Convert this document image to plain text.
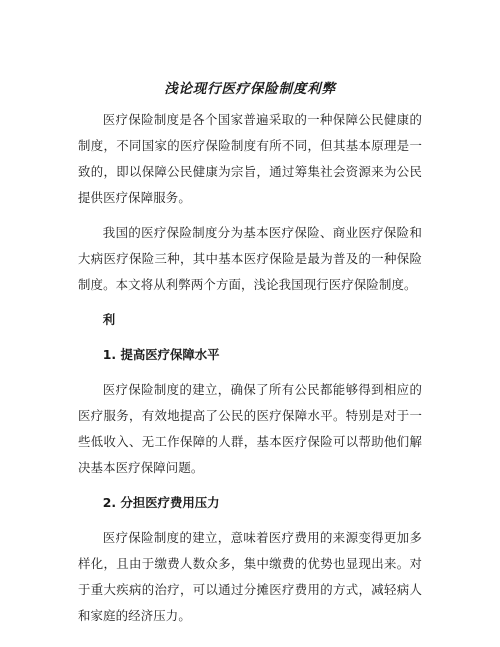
浅论现行医疗保险制度利弊

医疗保险制度是各个国家普遍采取的一种保障公民健康的制度，不同国家的医疗保险制度有所不同，但其基本原理是一致的，即以保障公民健康为宗旨，通过筹集社会资源来为公民提供医疗保障服务。

我国的医疗保险制度分为基本医疗保险、商业医疗保险和大病医疗保险三种，其中基本医疗保险是最为普及的一种保险制度。本文将从利弊两个方面，浅论我国现行医疗保险制度。

利
1. 提高医疗保障水平

医疗保险制度的建立，确保了所有公民都能够得到相应的医疗服务，有效地提高了公民的医疗保障水平。特别是对于一些低收入、无工作保障的人群，基本医疗保险可以帮助他们解决基本医疗保障问题。

2. 分担医疗费用压力

医疗保险制度的建立，意味着医疗费用的来源变得更加多样化，且由于缴费人数众多，集中缴费的优势也显现出来。对于重大疾病的治疗，可以通过分摊医疗费用的方式，减轻病人和家庭的经济压力。
